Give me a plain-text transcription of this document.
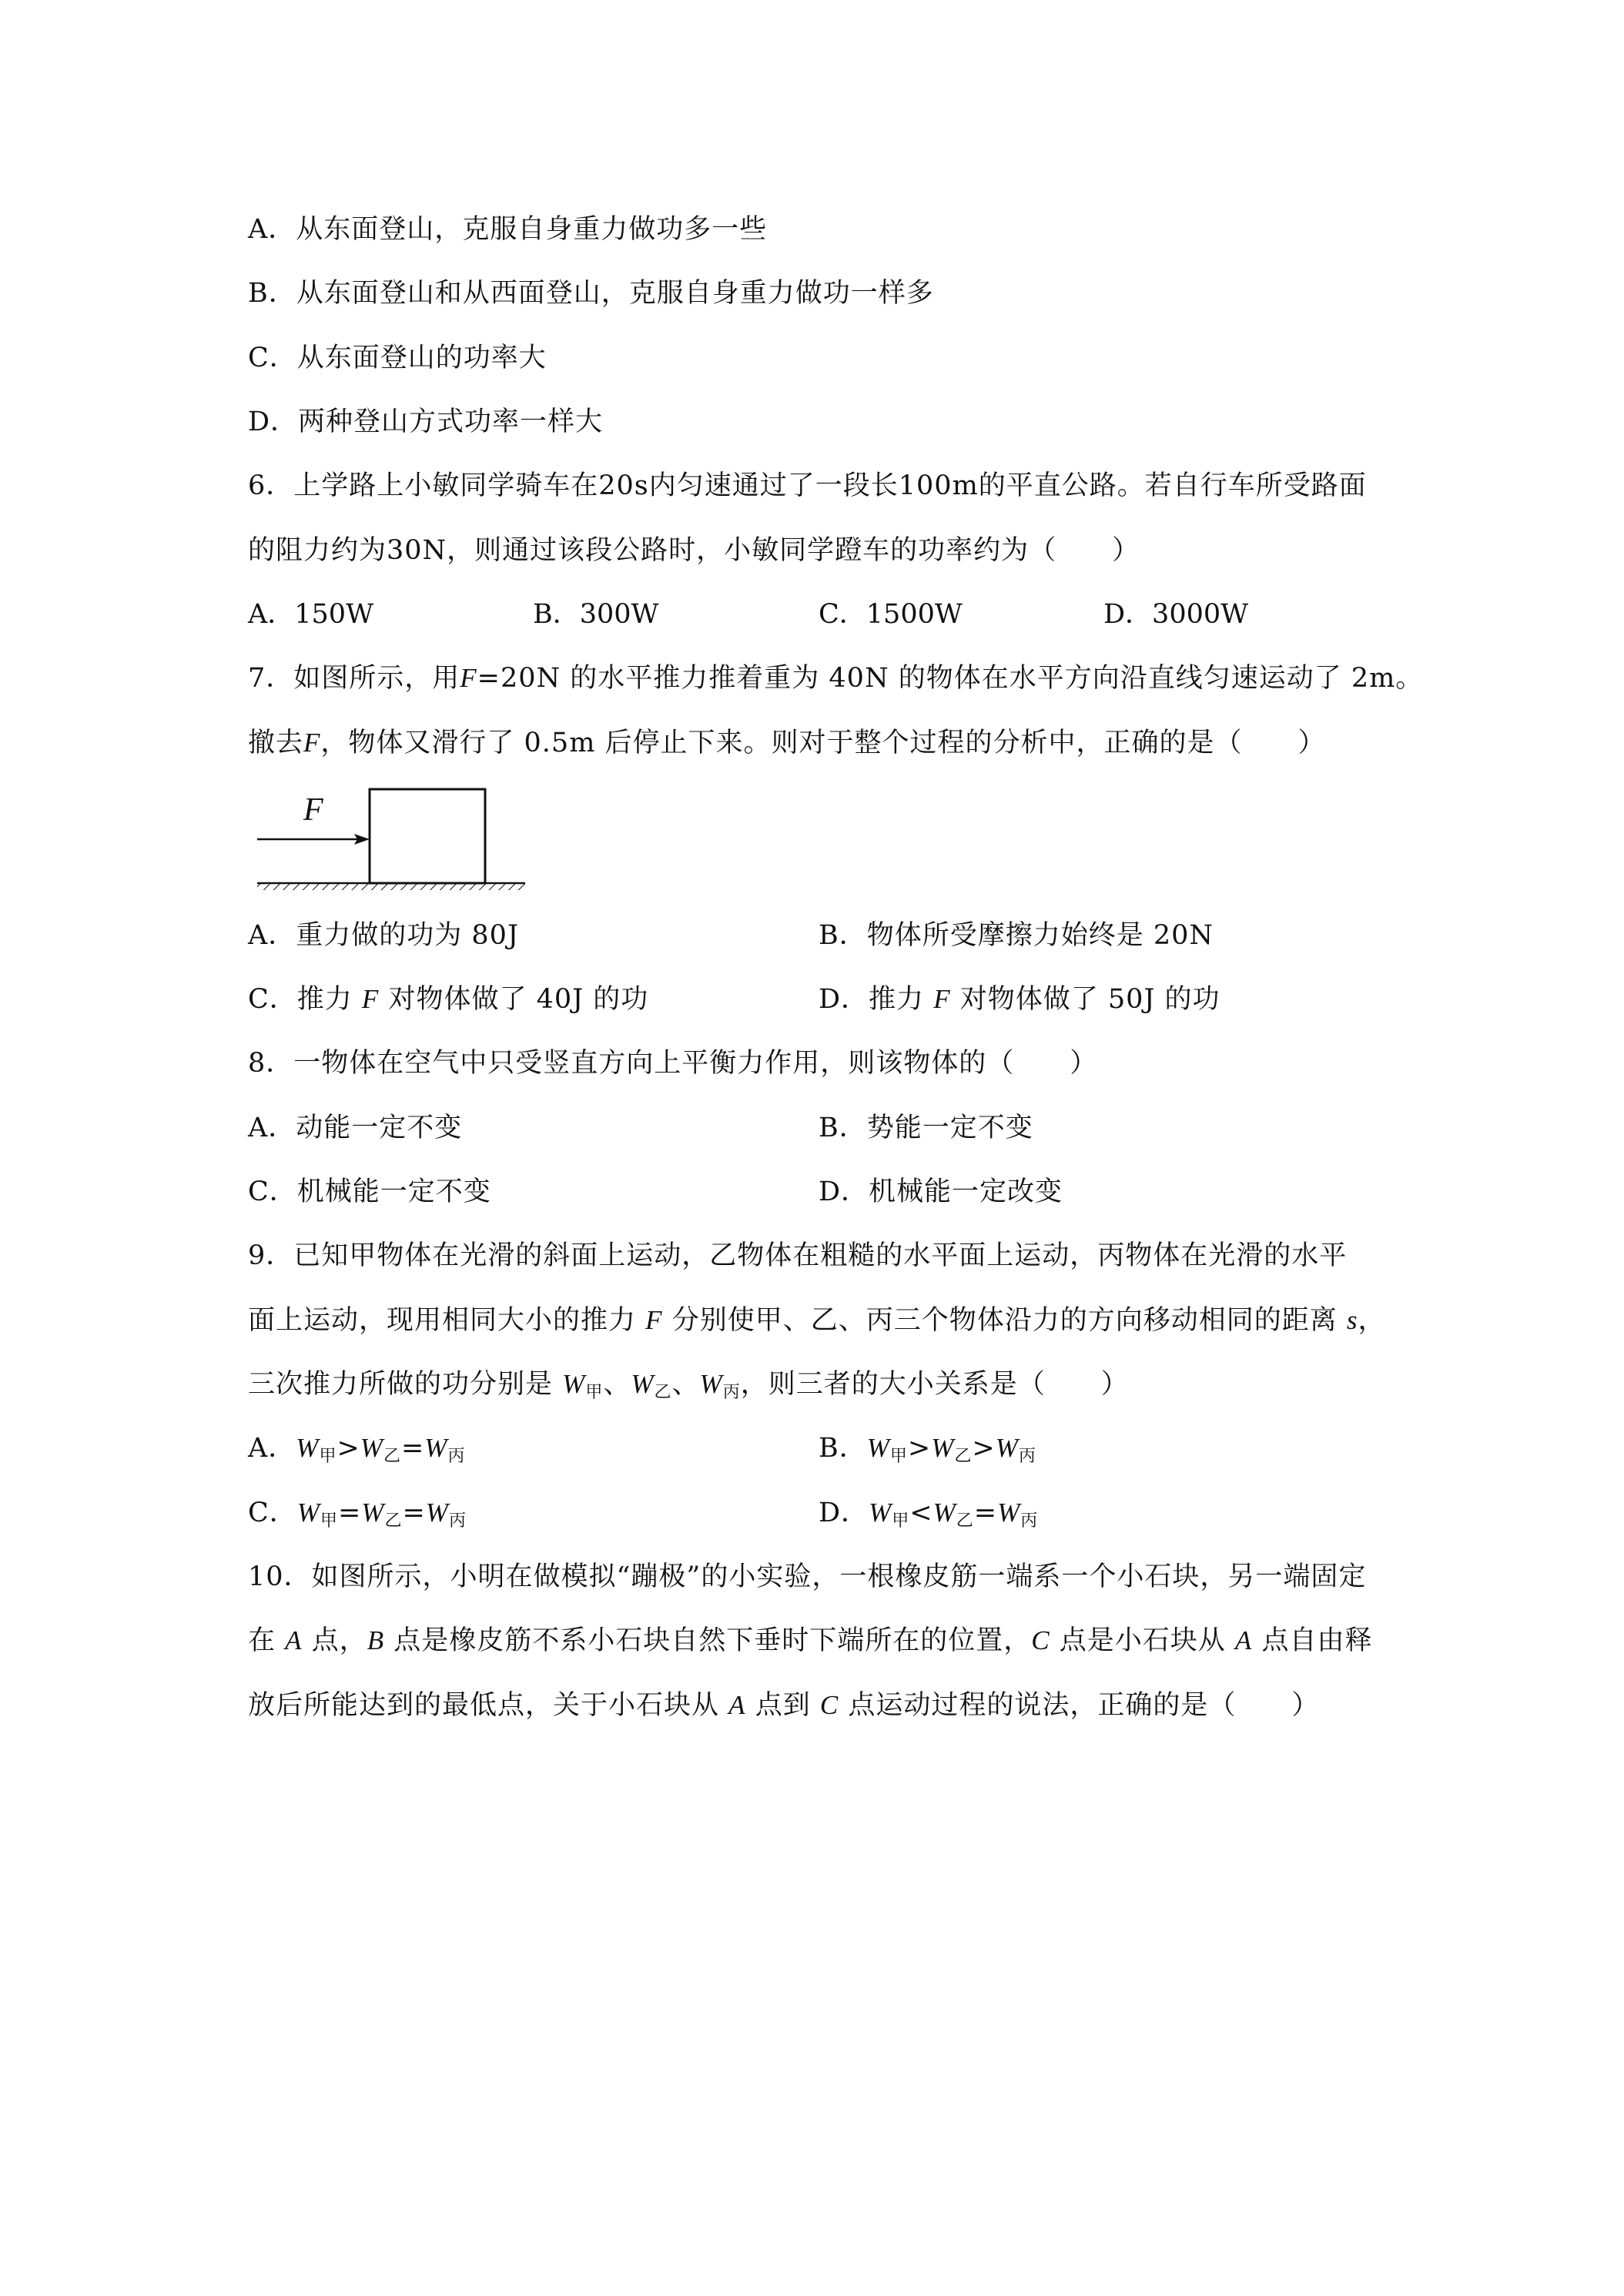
A．从东面登山，克服自身重力做功多一些
B．从东面登山和从西面登山，克服自身重力做功一样多
C．从东面登山的功率大
D．两种登山方式功率一样大
6．上学路上小敏同学骑车在20s内匀速通过了一段长100m的平直公路。若自行车所受路面
的阻力约为30N，则通过该段公路时，小敏同学蹬车的功率约为（　　）
A．150W	B．300W	C．1500W	D．3000W
7．如图所示，用F=20N 的水平推力推着重为 40N 的物体在水平方向沿直线匀速运动了 2m。
撤去F，物体又滑行了 0.5m 后停止下来。则对于整个过程的分析中，正确的是（　　）
F
A．重力做的功为 80J	B．物体所受摩擦力始终是 20N
C．推力 F 对物体做了 40J 的功	D．推力 F 对物体做了 50J 的功
8．一物体在空气中只受竖直方向上平衡力作用，则该物体的（　　）
A．动能一定不变	B．势能一定不变
C．机械能一定不变	D．机械能一定改变
9．已知甲物体在光滑的斜面上运动，乙物体在粗糙的水平面上运动，丙物体在光滑的水平
面上运动，现用相同大小的推力 F 分别使甲、乙、丙三个物体沿力的方向移动相同的距离 s，
三次推力所做的功分别是 $W_甲$、$W_乙$、$W_丙$，则三者的大小关系是（　　）
A．$W_甲>W_乙=W_丙$	B．$W_甲>W_乙>W_丙$
C．$W_甲=W_乙=W_丙$	D．$W_甲<W_乙=W_丙$
10．如图所示，小明在做模拟“蹦极”的小实验，一根橡皮筋一端系一个小石块，另一端固定
在 A 点，B 点是橡皮筋不系小石块自然下垂时下端所在的位置，C 点是小石块从 A 点自由释
放后所能达到的最低点，关于小石块从 A 点到 C 点运动过程的说法，正确的是（　　）
